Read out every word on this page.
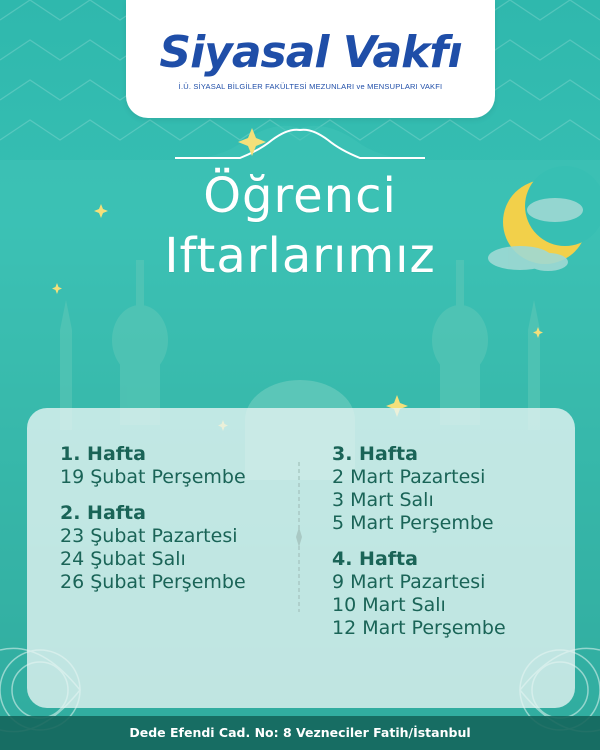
Siyasal Vakfı
İ.Ü. SİYASAL BİLGİLER FAKÜLTESİ MEZUNLARI ve MENSUPLARI VAKFI
Öğrenci
Iftarlarımız
1. Hafta
19 Şubat Perşembe
2. Hafta
23 Şubat Pazartesi
24 Şubat Salı
26 Şubat Perşembe
3. Hafta
2 Mart Pazartesi
3 Mart Salı
5 Mart Perşembe
4. Hafta
9 Mart Pazartesi
10 Mart Salı
12 Mart Perşembe
Dede Efendi Cad. No: 8 Vezneciler Fatih/İstanbul
